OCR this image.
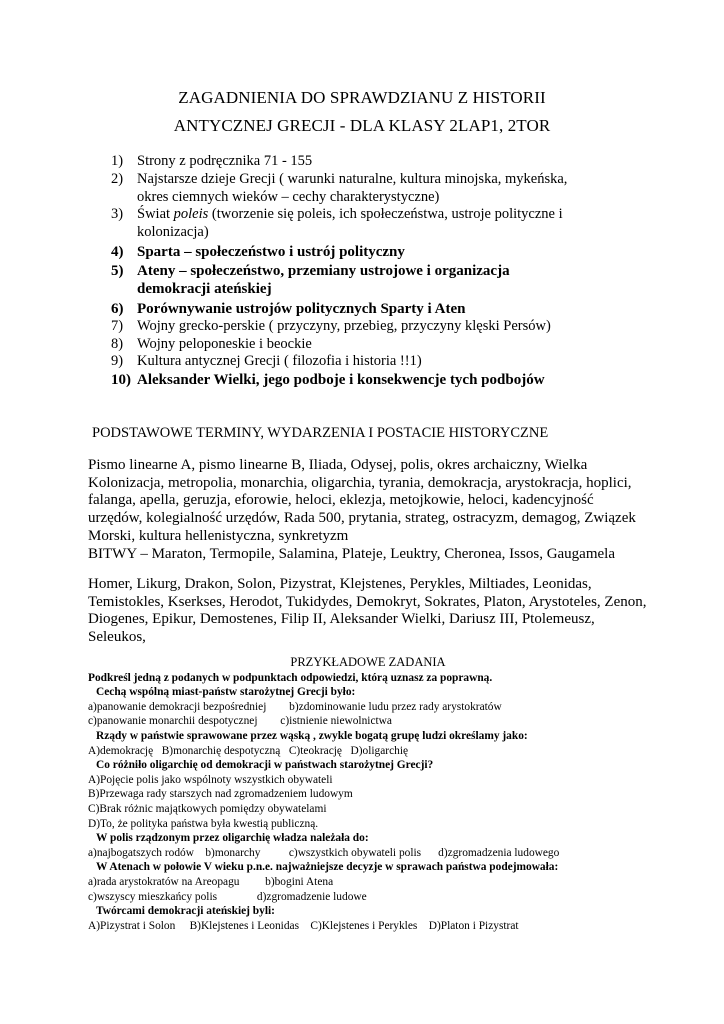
ZAGADNIENIA DO SPRAWDZIANU Z HISTORII
ANTYCZNEJ GRECJI - DLA KLASY 2LAP1, 2TOR
1) Strony z podręcznika 71 - 155
2) Najstarsze dzieje Grecji ( warunki naturalne, kultura minojska, mykeńska, okres ciemnych wieków – cechy charakterystyczne)
3) Świat poleis (tworzenie się poleis, ich społeczeństwa, ustroje polityczne i kolonizacja)
4) Sparta – społeczeństwo i ustrój polityczny
5) Ateny – społeczeństwo, przemiany ustrojowe i organizacja demokracji ateńskiej
6) Porównywanie ustrojów politycznych Sparty i Aten
7) Wojny grecko-perskie ( przyczyny, przebieg, przyczyny klęski Persów)
8) Wojny peloponeskie i beockie
9) Kultura antycznej Grecji ( filozofia i historia !!1)
10) Aleksander Wielki, jego podboje i konsekwencje tych podbojów
PODSTAWOWE TERMINY, WYDARZENIA I POSTACIE HISTORYCZNE
Pismo linearne A, pismo linearne B, Iliada, Odysej, polis, okres archaiczny, Wielka Kolonizacja, metropolia, monarchia, oligarchia, tyrania, demokracja, arystokracja, hoplici, falanga, apella, geruzja, eforowie, heloci, eklezja, metojkowie, heloci, kadencyjność urzędów, kolegialność urzędów, Rada 500, prytania, strateg, ostracyzm, demagog, Związek Morski, kultura hellenistyczna, synkretyzm
BITWY – Maraton, Termopile, Salamina, Plateje, Leuktry, Cheronea, Issos, Gaugamela
Homer, Likurg, Drakon, Solon, Pizystrat, Klejstenes, Perykles, Miltiades, Leonidas, Temistokles, Kserkses, Herodot, Tukidydes, Demokryt, Sokrates, Platon, Arystoteles, Zenon, Diogenes, Epikur, Demostenes, Filip II, Aleksander Wielki, Dariusz III, Ptolemeusz, Seleukos,
PRZYKŁADOWE ZADANIA
Podkreśl jedną z podanych w podpunktach odpowiedzi, którą uznasz za poprawną.
Cechą wspólną miast-państw starożytnej Grecji było:
a)panowanie demokracji bezpośredniej        b)zdominowanie ludu przez rady arystokratów
c)panowanie monarchii despotycznej        c)istnienie niewolnictwa
Rządy w państwie sprawowane przez wąską , zwykle bogatą grupę ludzi określamy jako:
A)demokrację   B)monarchię despotyczną   C)teokrację   D)oligarchię
Co różniło oligarchię od demokracji w państwach starożytnej Grecji?
A)Pojęcie polis jako wspólnoty wszystkich obywateli
B)Przewaga rady starszych nad zgromadzeniem ludowym
C)Brak różnic majątkowych pomiędzy obywatelami
D)To, że polityka państwa była kwestią publiczną.
W polis rządzonym przez oligarchię władza należała do:
a)najbogatszych rodów    b)monarchy          c)wszystkich obywateli polis      d)zgromadzenia ludowego
W Atenach w połowie V wieku p.n.e. najważniejsze decyzje w sprawach państwa podejmowała:
a)rada arystokratów na Areopagu         b)bogini Atena
c)wszyscy mieszkańcy polis              d)zgromadzenie ludowe
Twórcami demokracji ateńskiej byli:
A)Pizystrat i Solon     B)Klejstenes i Leonidas    C)Klejstenes i Perykles    D)Platon i Pizystrat
